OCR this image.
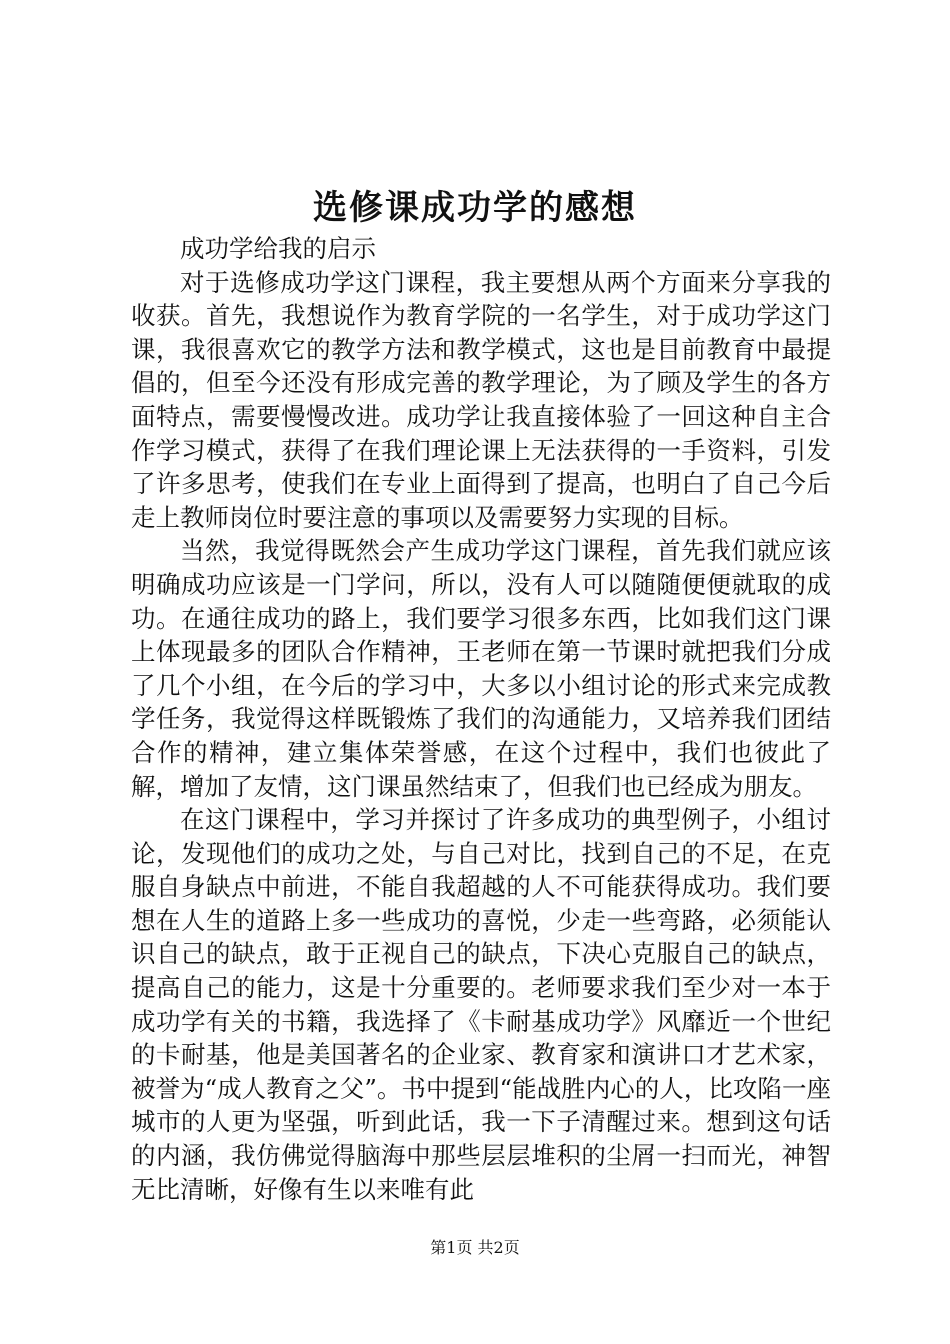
选修课成功学的感想
成功学给我的启示

对于选修成功学这门课程，我主要想从两个方面来分享我的收获。首先，我想说作为教育学院的一名学生，对于成功学这门课，我很喜欢它的教学方法和教学模式，这也是目前教育中最提倡的，但至今还没有形成完善的教学理论，为了顾及学生的各方面特点，需要慢慢改进。成功学让我直接体验了一回这种自主合作学习模式，获得了在我们理论课上无法获得的一手资料，引发了许多思考，使我们在专业上面得到了提高，也明白了自己今后走上教师岗位时要注意的事项以及需要努力实现的目标。

当然，我觉得既然会产生成功学这门课程，首先我们就应该明确成功应该是一门学问，所以，没有人可以随随便便就取的成功。在通往成功的路上，我们要学习很多东西，比如我们这门课上体现最多的团队合作精神，王老师在第一节课时就把我们分成了几个小组，在今后的学习中，大多以小组讨论的形式来完成教学任务，我觉得这样既锻炼了我们的沟通能力，又培养我们团结合作的精神，建立集体荣誉感，在这个过程中，我们也彼此了解，增加了友情，这门课虽然结束了，但我们也已经成为朋友。

在这门课程中，学习并探讨了许多成功的典型例子，小组讨论，发现他们的成功之处，与自己对比，找到自己的不足，在克服自身缺点中前进，不能自我超越的人不可能获得成功。我们要想在人生的道路上多一些成功的喜悦，少走一些弯路，必须能认识自己的缺点，敢于正视自己的缺点，下决心克服自己的缺点，提高自己的能力，这是十分重要的。老师要求我们至少对一本于成功学有关的书籍，我选择了《卡耐基成功学》风靡近一个世纪的卡耐基，他是美国著名的企业家、教育家和演讲口才艺术家，被誉为“成人教育之父”。书中提到“能战胜内心的人，比攻陷一座城市的人更为坚强，听到此话，我一下子清醒过来。想到这句话的内涵，我仿佛觉得脑海中那些层层堆积的尘屑一扫而光，神智无比清晰，好像有生以来唯有此

第1页 共2页
